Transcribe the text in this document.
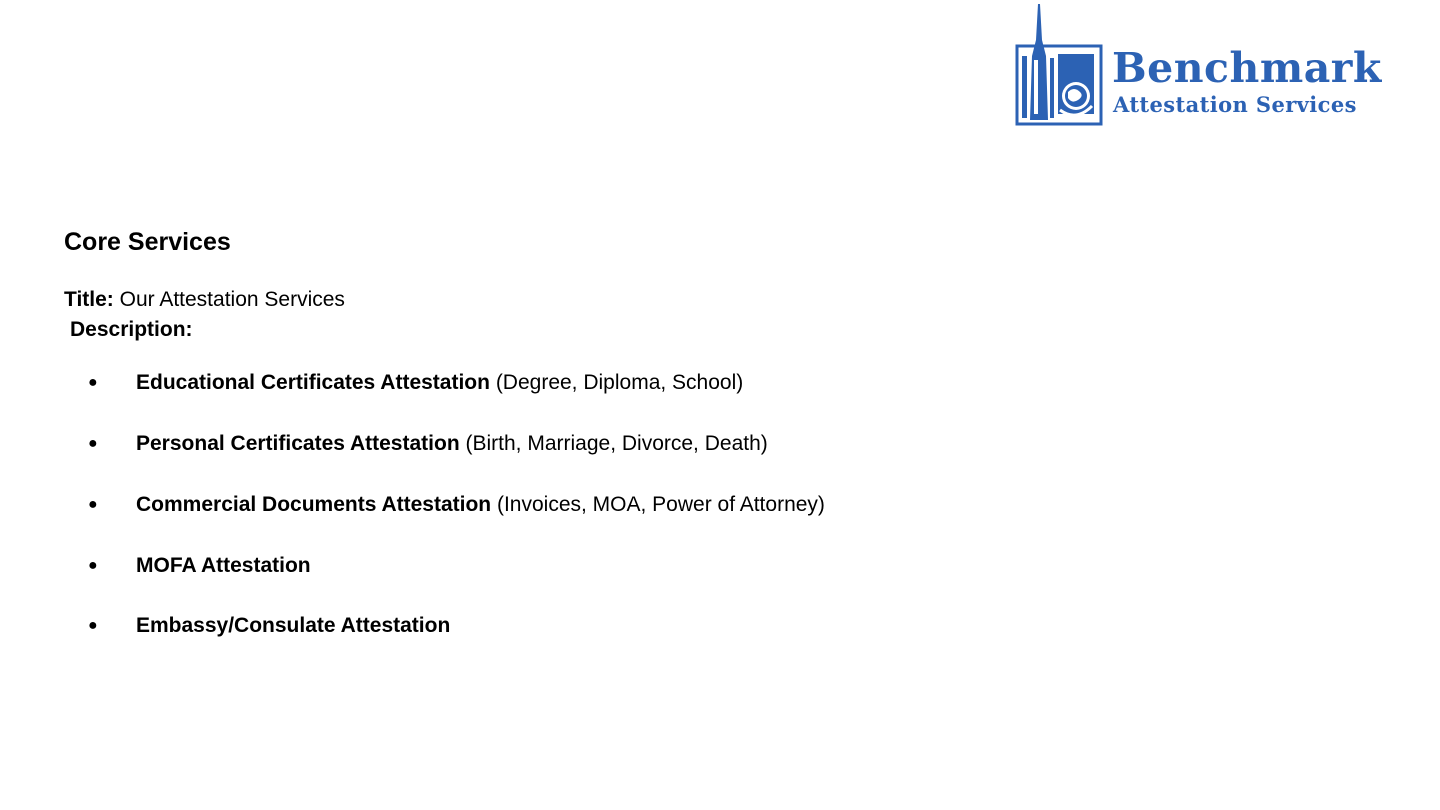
Benchmark
Attestation Services
Core Services
Title: Our Attestation Services
Description:
● Educational Certificates Attestation (Degree, Diploma, School)
● Personal Certificates Attestation (Birth, Marriage, Divorce, Death)
● Commercial Documents Attestation (Invoices, MOA, Power of Attorney)
● MOFA Attestation
● Embassy/Consulate Attestation
